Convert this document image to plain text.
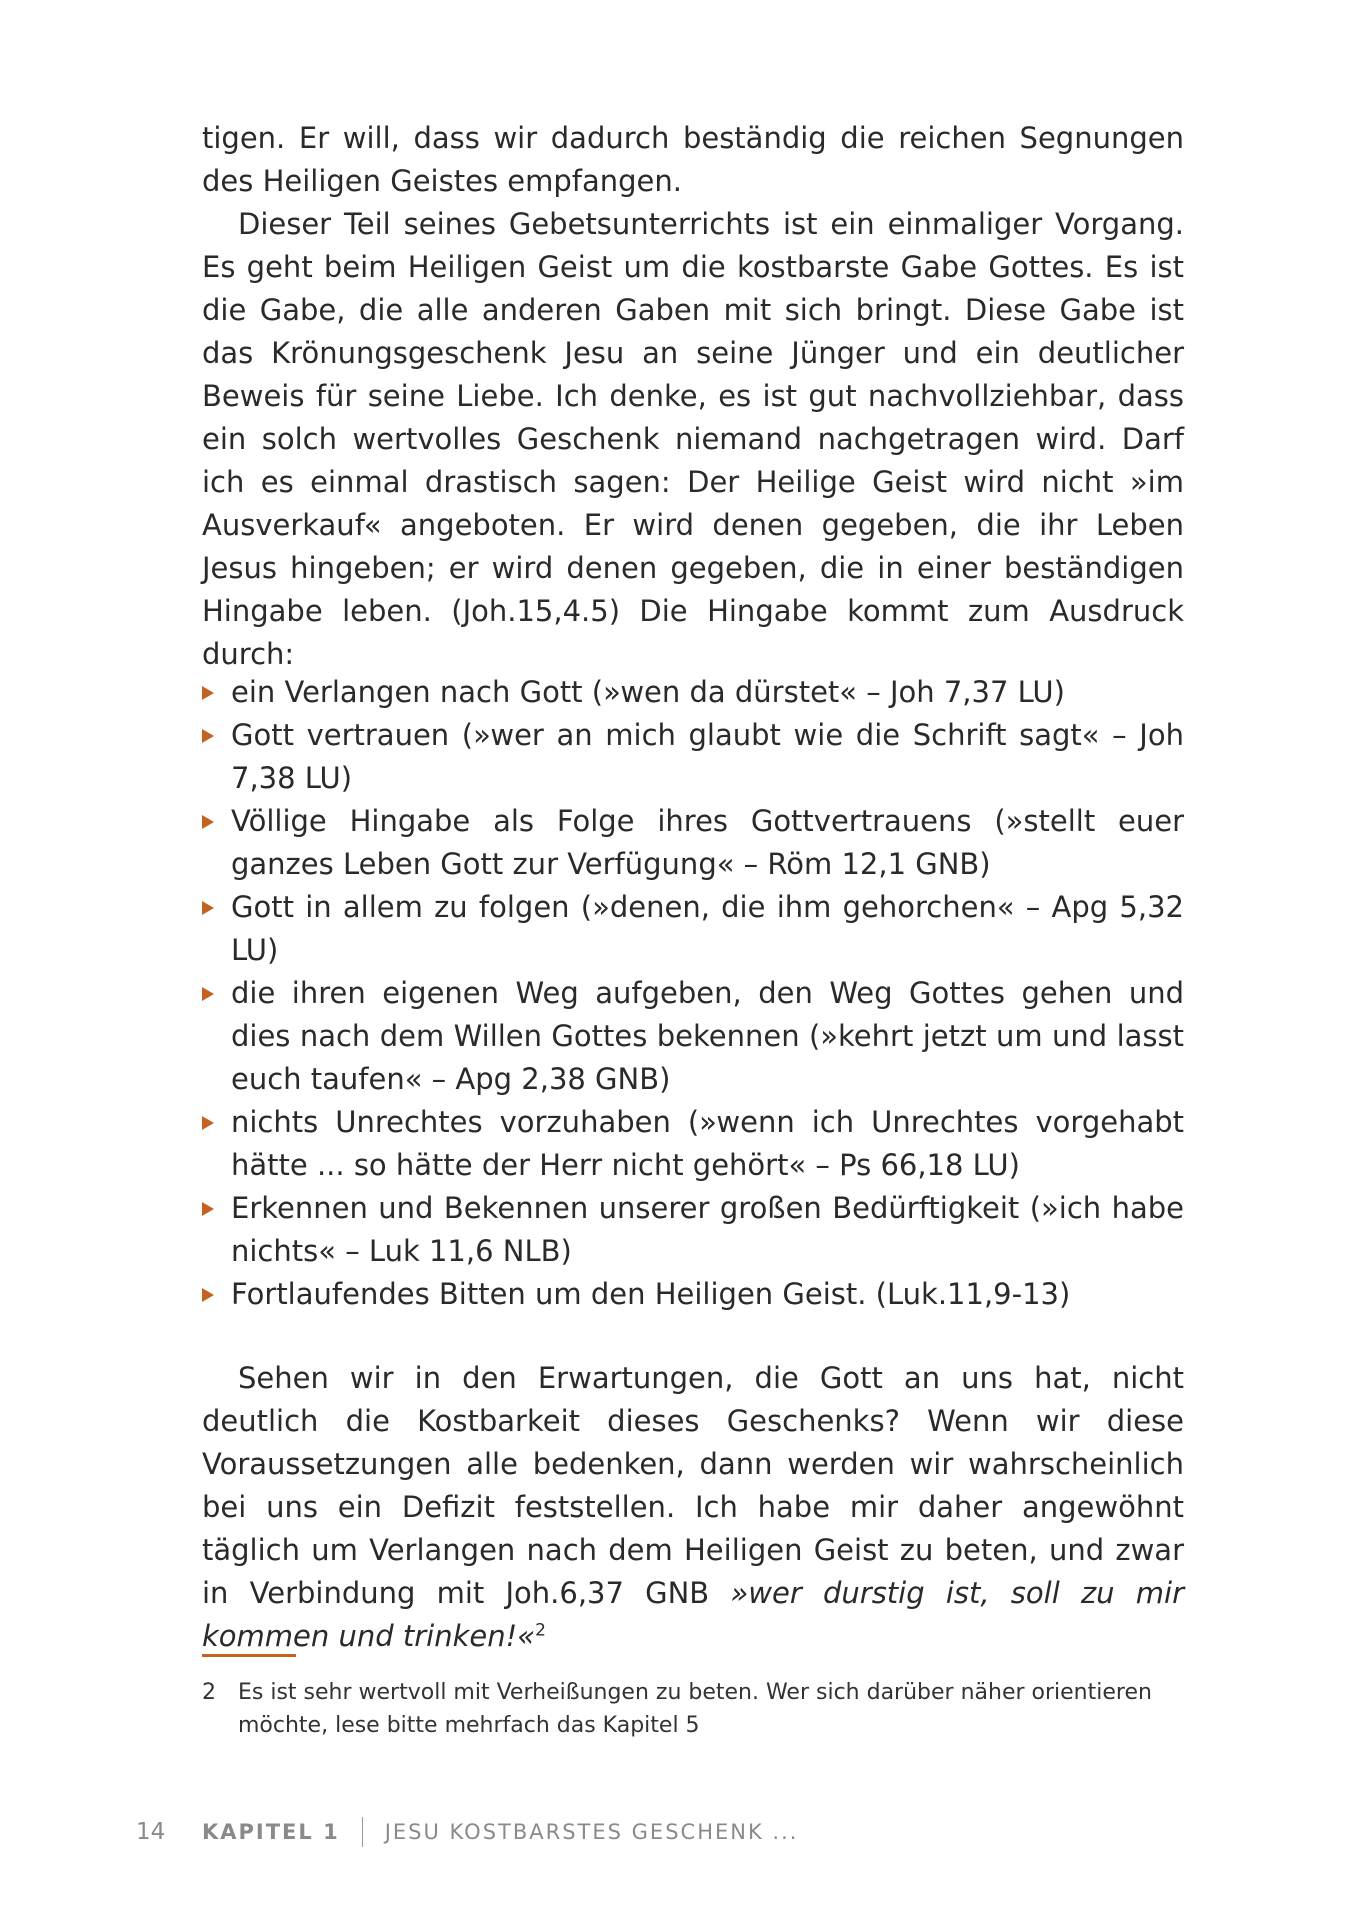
tigen. Er will, dass wir dadurch beständig die reichen Segnungen des Heiligen Geistes empfangen.

Dieser Teil seines Gebetsunterrichts ist ein einmaliger Vorgang. Es geht beim Heiligen Geist um die kostbarste Gabe Gottes. Es ist die Gabe, die alle anderen Gaben mit sich bringt. Diese Gabe ist das Krönungsgeschenk Jesu an seine Jünger und ein deutlicher Beweis für seine Liebe. Ich denke, es ist gut nachvollziehbar, dass ein solch wertvolles Geschenk niemand nachgetragen wird. Darf ich es einmal drastisch sagen: Der Heilige Geist wird nicht »im Ausverkauf« angeboten. Er wird denen gegeben, die ihr Leben Jesus hingeben; er wird denen gegeben, die in einer beständigen Hingabe leben. (Joh.15,4.5) Die Hingabe kommt zum Ausdruck durch:

ein Verlangen nach Gott (»wen da dürstet« – Joh 7,37 LU)
Gott vertrauen (»wer an mich glaubt wie die Schrift sagt« – Joh 7,38 LU)
Völlige Hingabe als Folge ihres Gottvertrauens (»stellt euer ganzes Leben Gott zur Verfügung« – Röm 12,1 GNB)
Gott in allem zu folgen (»denen, die ihm gehorchen« – Apg 5,32 LU)
die ihren eigenen Weg aufgeben, den Weg Gottes gehen und dies nach dem Willen Gottes bekennen (»kehrt jetzt um und lasst euch taufen« – Apg 2,38 GNB)
nichts Unrechtes vorzuhaben (»wenn ich Unrechtes vorgehabt hätte ... so hätte der Herr nicht gehört« – Ps 66,18 LU)
Erkennen und Bekennen unserer großen Bedürftigkeit (»ich habe nichts« – Luk 11,6 NLB)
Fortlaufendes Bitten um den Heiligen Geist. (Luk.11,9-13)

Sehen wir in den Erwartungen, die Gott an uns hat, nicht deutlich die Kostbarkeit dieses Geschenks? Wenn wir diese Voraussetzungen alle bedenken, dann werden wir wahrscheinlich bei uns ein Defizit feststellen. Ich habe mir daher angewöhnt täglich um Verlangen nach dem Heiligen Geist zu beten, und zwar in Verbindung mit Joh.6,37 GNB »wer durstig ist, soll zu mir kommen und trinken!«$^2$

2 Es ist sehr wertvoll mit Verheißungen zu beten. Wer sich darüber näher orientieren möchte, lese bitte mehrfach das Kapitel 5
14	KAPITEL 1 JESU KOSTBARSTES GESCHENK ...
